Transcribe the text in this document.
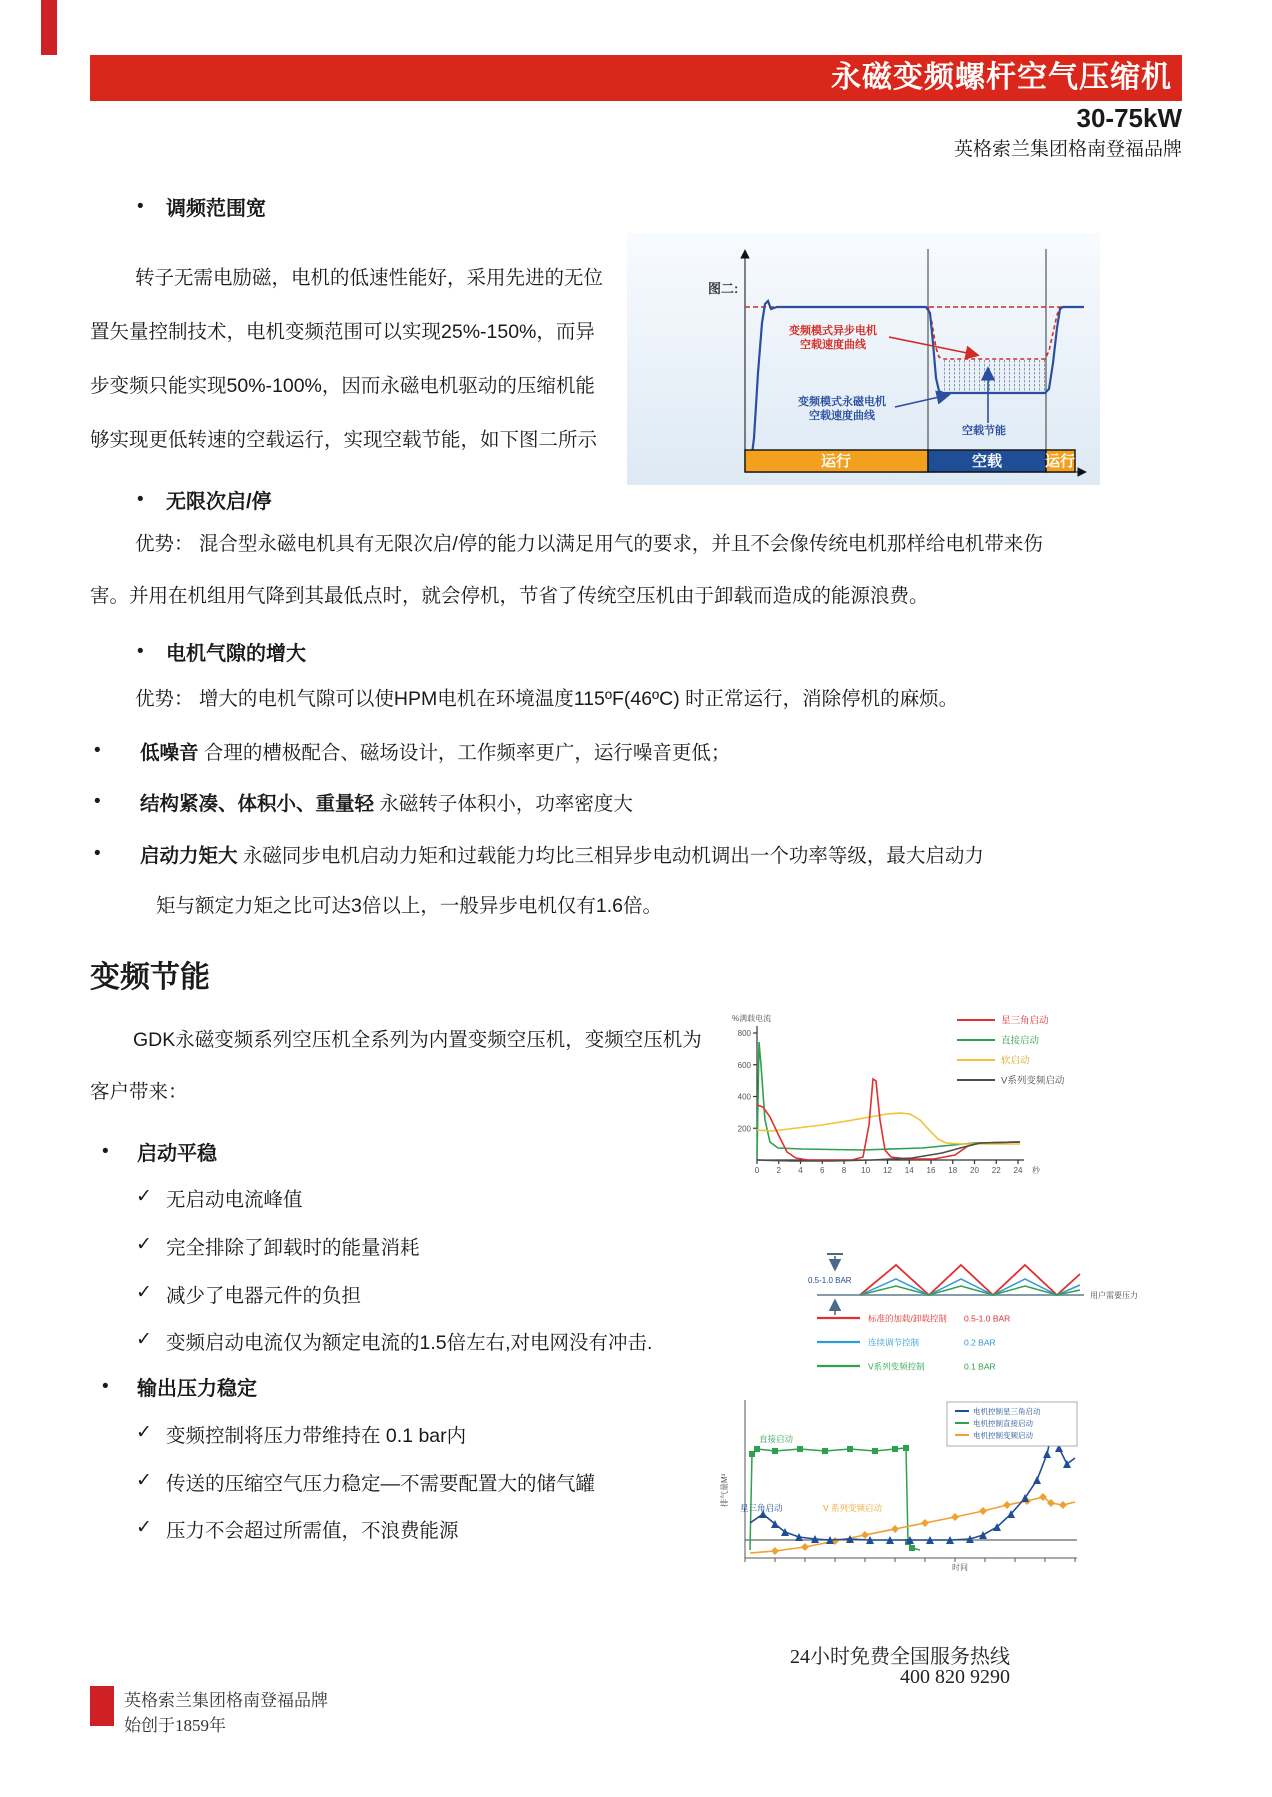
永磁变频螺杆空气压缩机
30-75kW
英格索兰集团格南登福品牌
• 调频范围宽
转子无需电励磁，电机的低速性能好，采用先进的无位
置矢量控制技术，电机变频范围可以实现25%-150%，而异
步变频只能实现50%-100%，因而永磁电机驱动的压缩机能
够实现更低转速的空载运行，实现空载节能，如下图二所示
图二:
变频模式异步电机
空载速度曲线
变频模式永磁电机
空载速度曲线
空载节能
运行	空载	运行
• 无限次启/停
优势： 混合型永磁电机具有无限次启/停的能力以满足用气的要求，并且不会像传统电机那样给电机带来伤
害。并用在机组用气降到其最低点时，就会停机，节省了传统空压机由于卸载而造成的能源浪费。
• 电机气隙的增大
优势： 增大的电机气隙可以使HPM电机在环境温度115ºF(46ºC) 时正常运行，消除停机的麻烦。
• 低噪音 合理的槽极配合、磁场设计，工作频率更广，运行噪音更低；
• 结构紧凑、体积小、重量轻 永磁转子体积小，功率密度大
• 启动力矩大 永磁同步电机启动力矩和过载能力均比三相异步电动机调出一个功率等级，最大启动力
矩与额定力矩之比可达3倍以上，一般异步电机仅有1.6倍。
变频节能
GDK永磁变频系列空压机全系列为内置变频空压机，变频空压机为
客户带来：
• 启动平稳
✓ 无启动电流峰值
✓ 完全排除了卸载时的能量消耗
✓ 减少了电器元件的负担
✓ 变频启动电流仅为额定电流的1.5倍左右,对电网没有冲击.
• 输出压力稳定
✓ 变频控制将压力带维持在 0.1 bar内
✓ 传送的压缩空气压力稳定—不需要配置大的储气罐
✓ 压力不会超过所需值，不浪费能源
%满载电流
200
400
600
800
0 2 4 6 8 10 12 14 16 18 20 22 24 秒
星三角启动
直接启动
软启动
V系列变频启动
0.5-1.0 BAR
用户需要压力
标准的加载/卸载控制 0.5-1.0 BAR
连续调节控制	0.2 BAR
V系列变频控制	0.1 BAR
排气量M³
时间
直接启动
星三角启动	V 系列变频启动
电机控制星三角启动
电机控制直接启动
电机控制变频启动
英格索兰集团格南登福品牌
始创于1859年
24小时免费全国服务热线
400 820 9290
